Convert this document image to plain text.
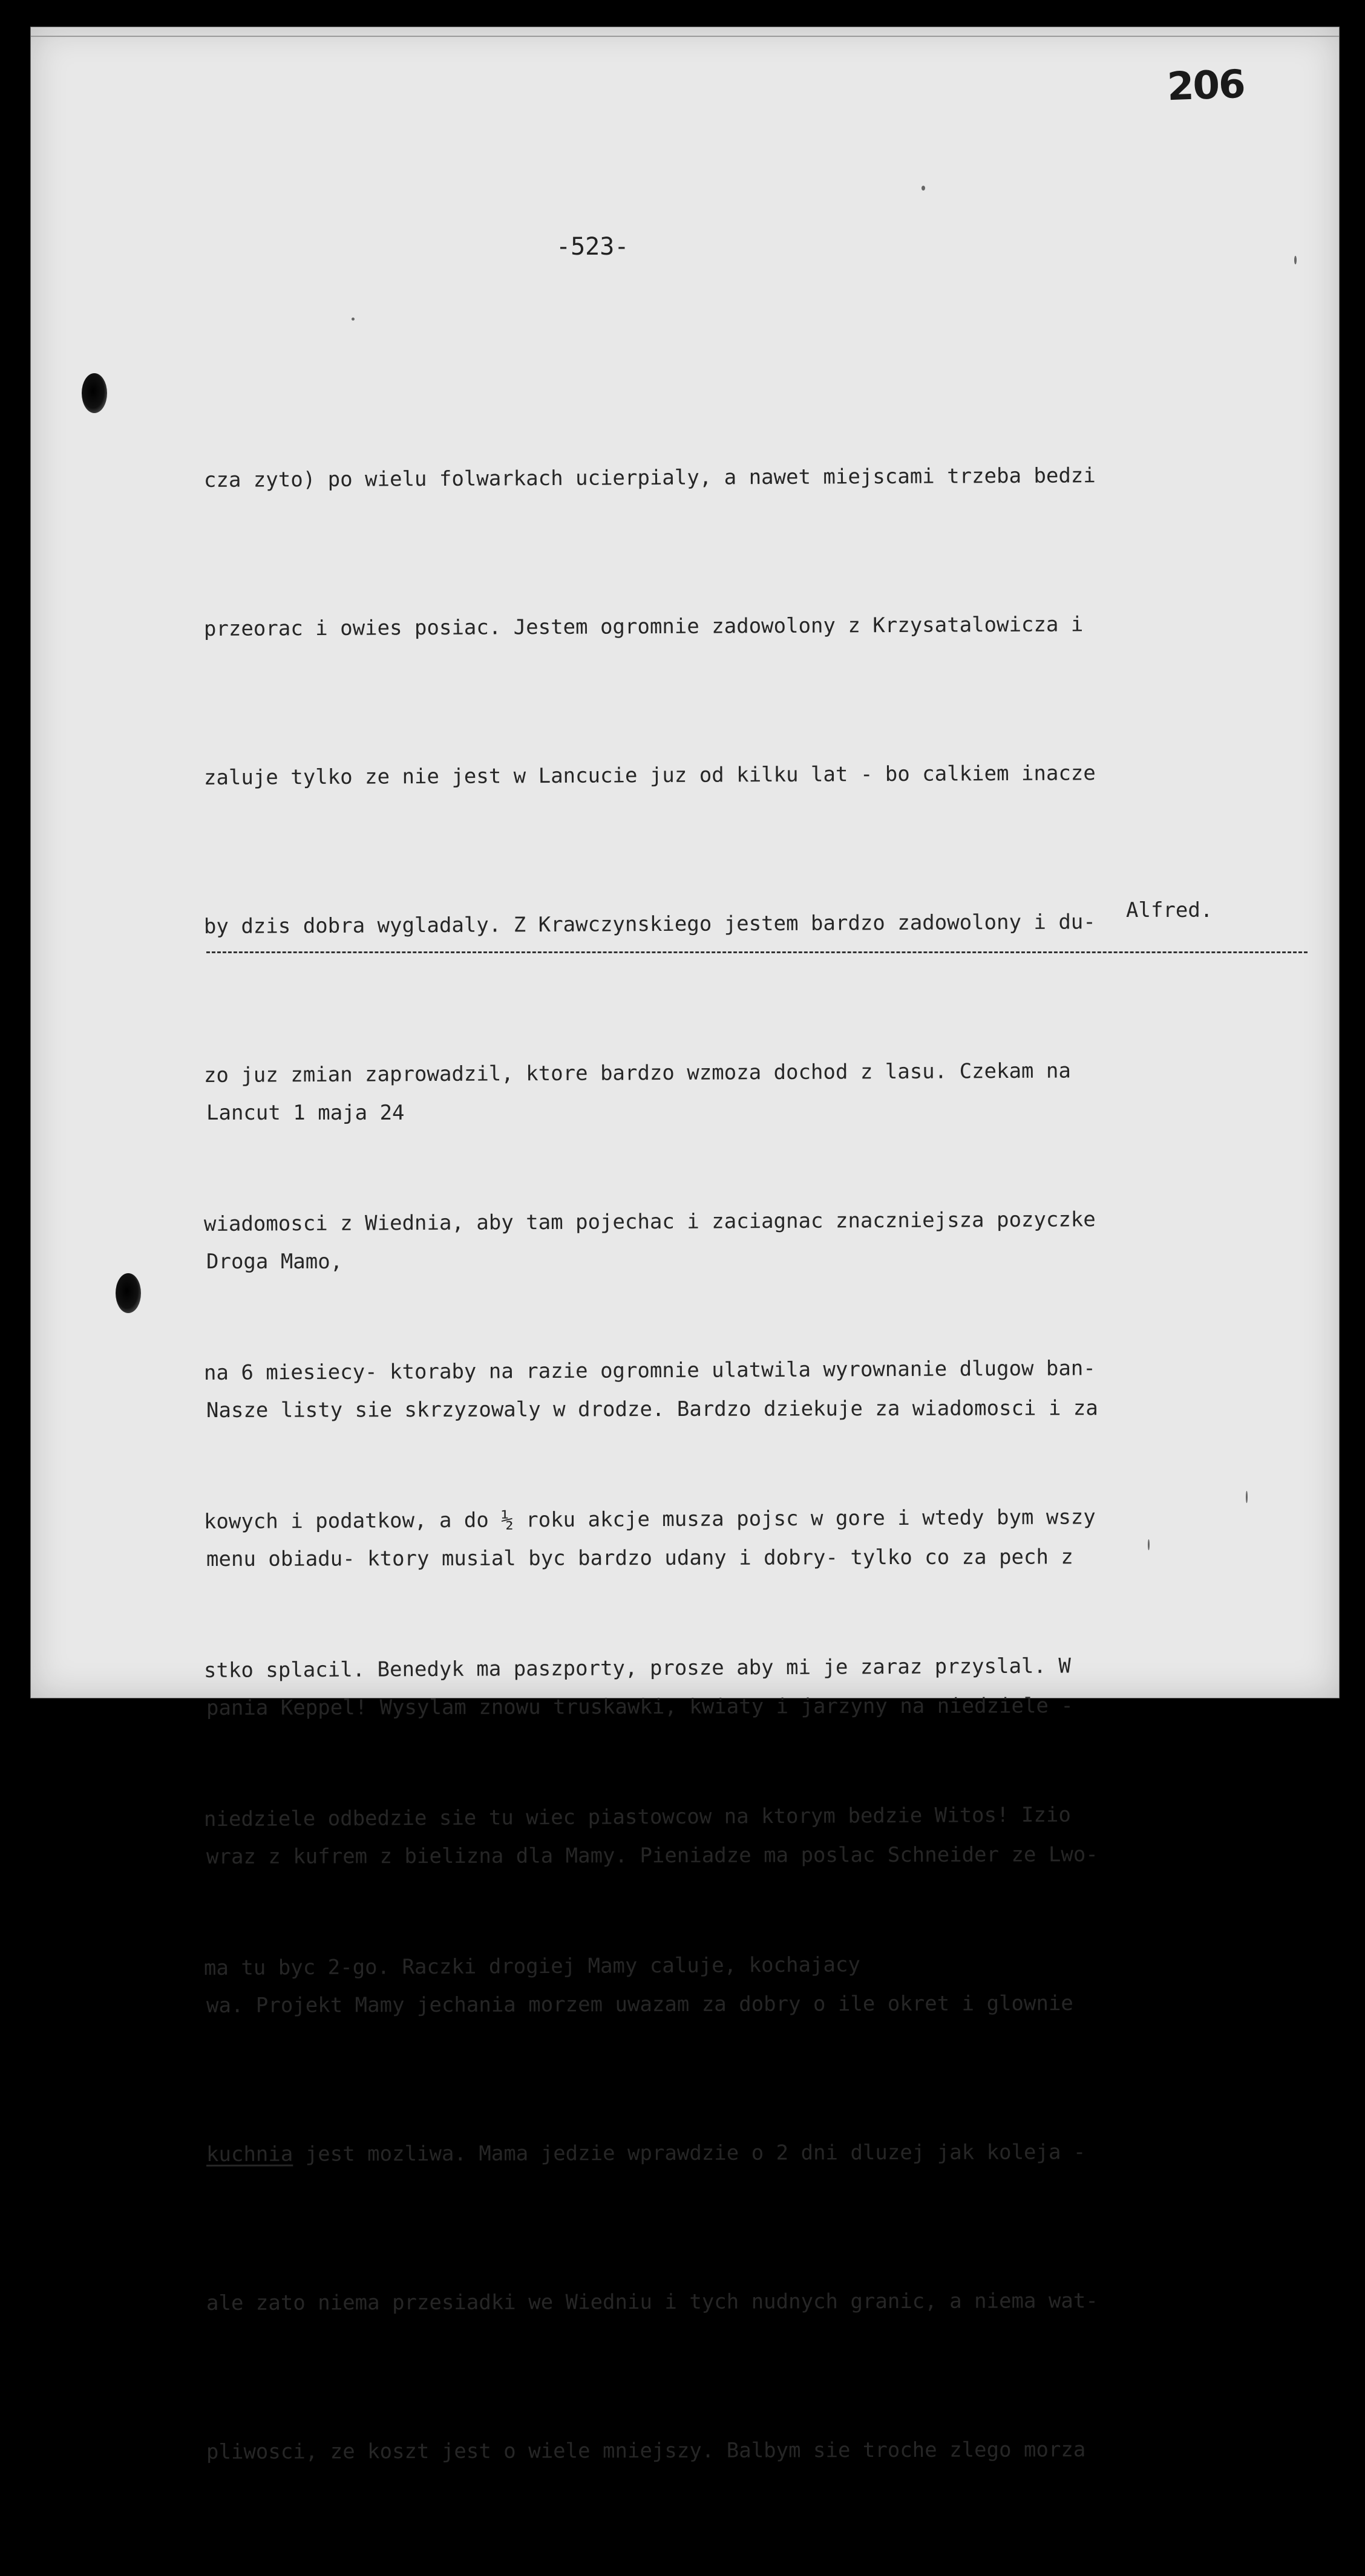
206
-523-

cza zyto) po wielu folwarkach ucierpialy, a nawet miejscami trzeba bedzi

przeorac i owies posiac. Jestem ogromnie zadowolony z Krzysatalowicza i

zaluje tylko ze nie jest w Lancucie juz od kilku lat - bo calkiem inacze

by dzis dobra wygladaly. Z Krawczynskiego jestem bardzo zadowolony i du-

zo juz zmian zaprowadzil, ktore bardzo wzmoza dochod z lasu. Czekam na

wiadomosci z Wiednia, aby tam pojechac i zaciagnac znaczniejsza pozyczke

na 6 miesiecy- ktoraby na razie ogromnie ulatwila wyrownanie dlugow ban-

kowych i podatkow, a do ½ roku akcje musza pojsc w gore i wtedy bym wszy

stko splacil. Benedyk ma paszporty, prosze aby mi je zaraz przyslal. W

niedziele odbedzie sie tu wiec piastowcow na ktorym bedzie Witos! Izio

ma tu byc 2-go. Raczki drogiej Mamy caluje, kochajacy

Alfred.

Lancut 1 maja 24

Droga Mamo,

Nasze listy sie skrzyzowaly w drodze. Bardzo dziekuje za wiadomosci i za

menu obiadu- ktory musial byc bardzo udany i dobry- tylko co za pech z

pania Keppel! Wysylam znowu truskawki, kwiaty i jarzyny na niedziele -

wraz z kufrem z bielizna dla Mamy. Pieniadze ma poslac Schneider ze Lwo-

wa. Projekt Mamy jechania morzem uwazam za dobry o ile okret i glownie

kuchnia jest mozliwa. Mama jedzie wprawdzie o 2 dni dluzej jak koleja -

ale zato niema przesiadki we Wiedniu i tych nudnych granic, a niema wat-

pliwosci, ze koszt jest o wiele mniejszy. Balbym sie troche zlego morza
